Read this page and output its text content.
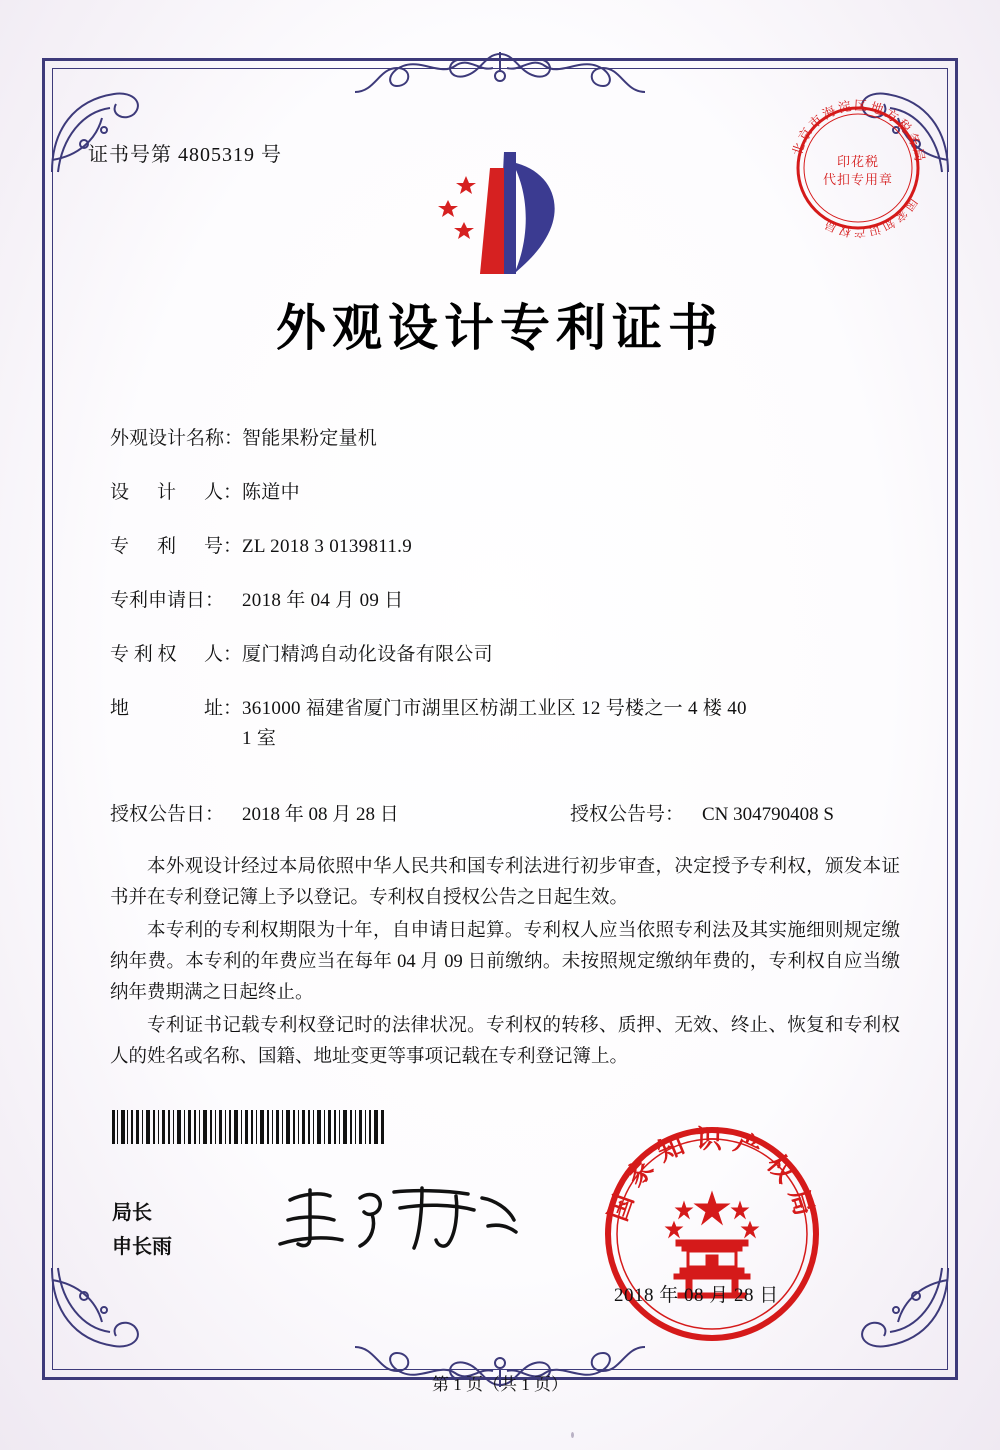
证书号第 4805319 号	北京市海淀区地方税务局
国家知识产权局
印花税
代扣专用章
外观设计专利证书
外观设计名称：
智能果粉定量机
设 计 人： 陈道中
专 利 号： ZL 2018 3 0139811.9
专利申请日： 2018 年 04 月 09 日
专 利 权 人： 厦门精鸿自动化设备有限公司
地	址： 361000 福建省厦门市湖里区枋湖工业区 12 号楼之一 4 楼 40
1 室
授权公告日： 2018 年 08 月 28 日	授权公告号： CN 304790408 S

本外观设计经过本局依照中华人民共和国专利法进行初步审查，决定授予专利权，颁发本证书并在专利登记簿上予以登记。专利权自授权公告之日起生效。

本专利的专利权期限为十年，自申请日起算。专利权人应当依照专利法及其实施细则规定缴纳年费。本专利的年费应当在每年 04 月 09 日前缴纳。未按照规定缴纳年费的，专利权自应当缴纳年费期满之日起终止。

专利证书记载专利权登记时的法律状况。专利权的转移、质押、无效、终止、恢复和专利权人的姓名或名称、国籍、地址变更等事项记载在专利登记簿上。

国家知识产权局
2018 年 08 月 28 日
局长
申长雨
第 1 页（共 1 页）
